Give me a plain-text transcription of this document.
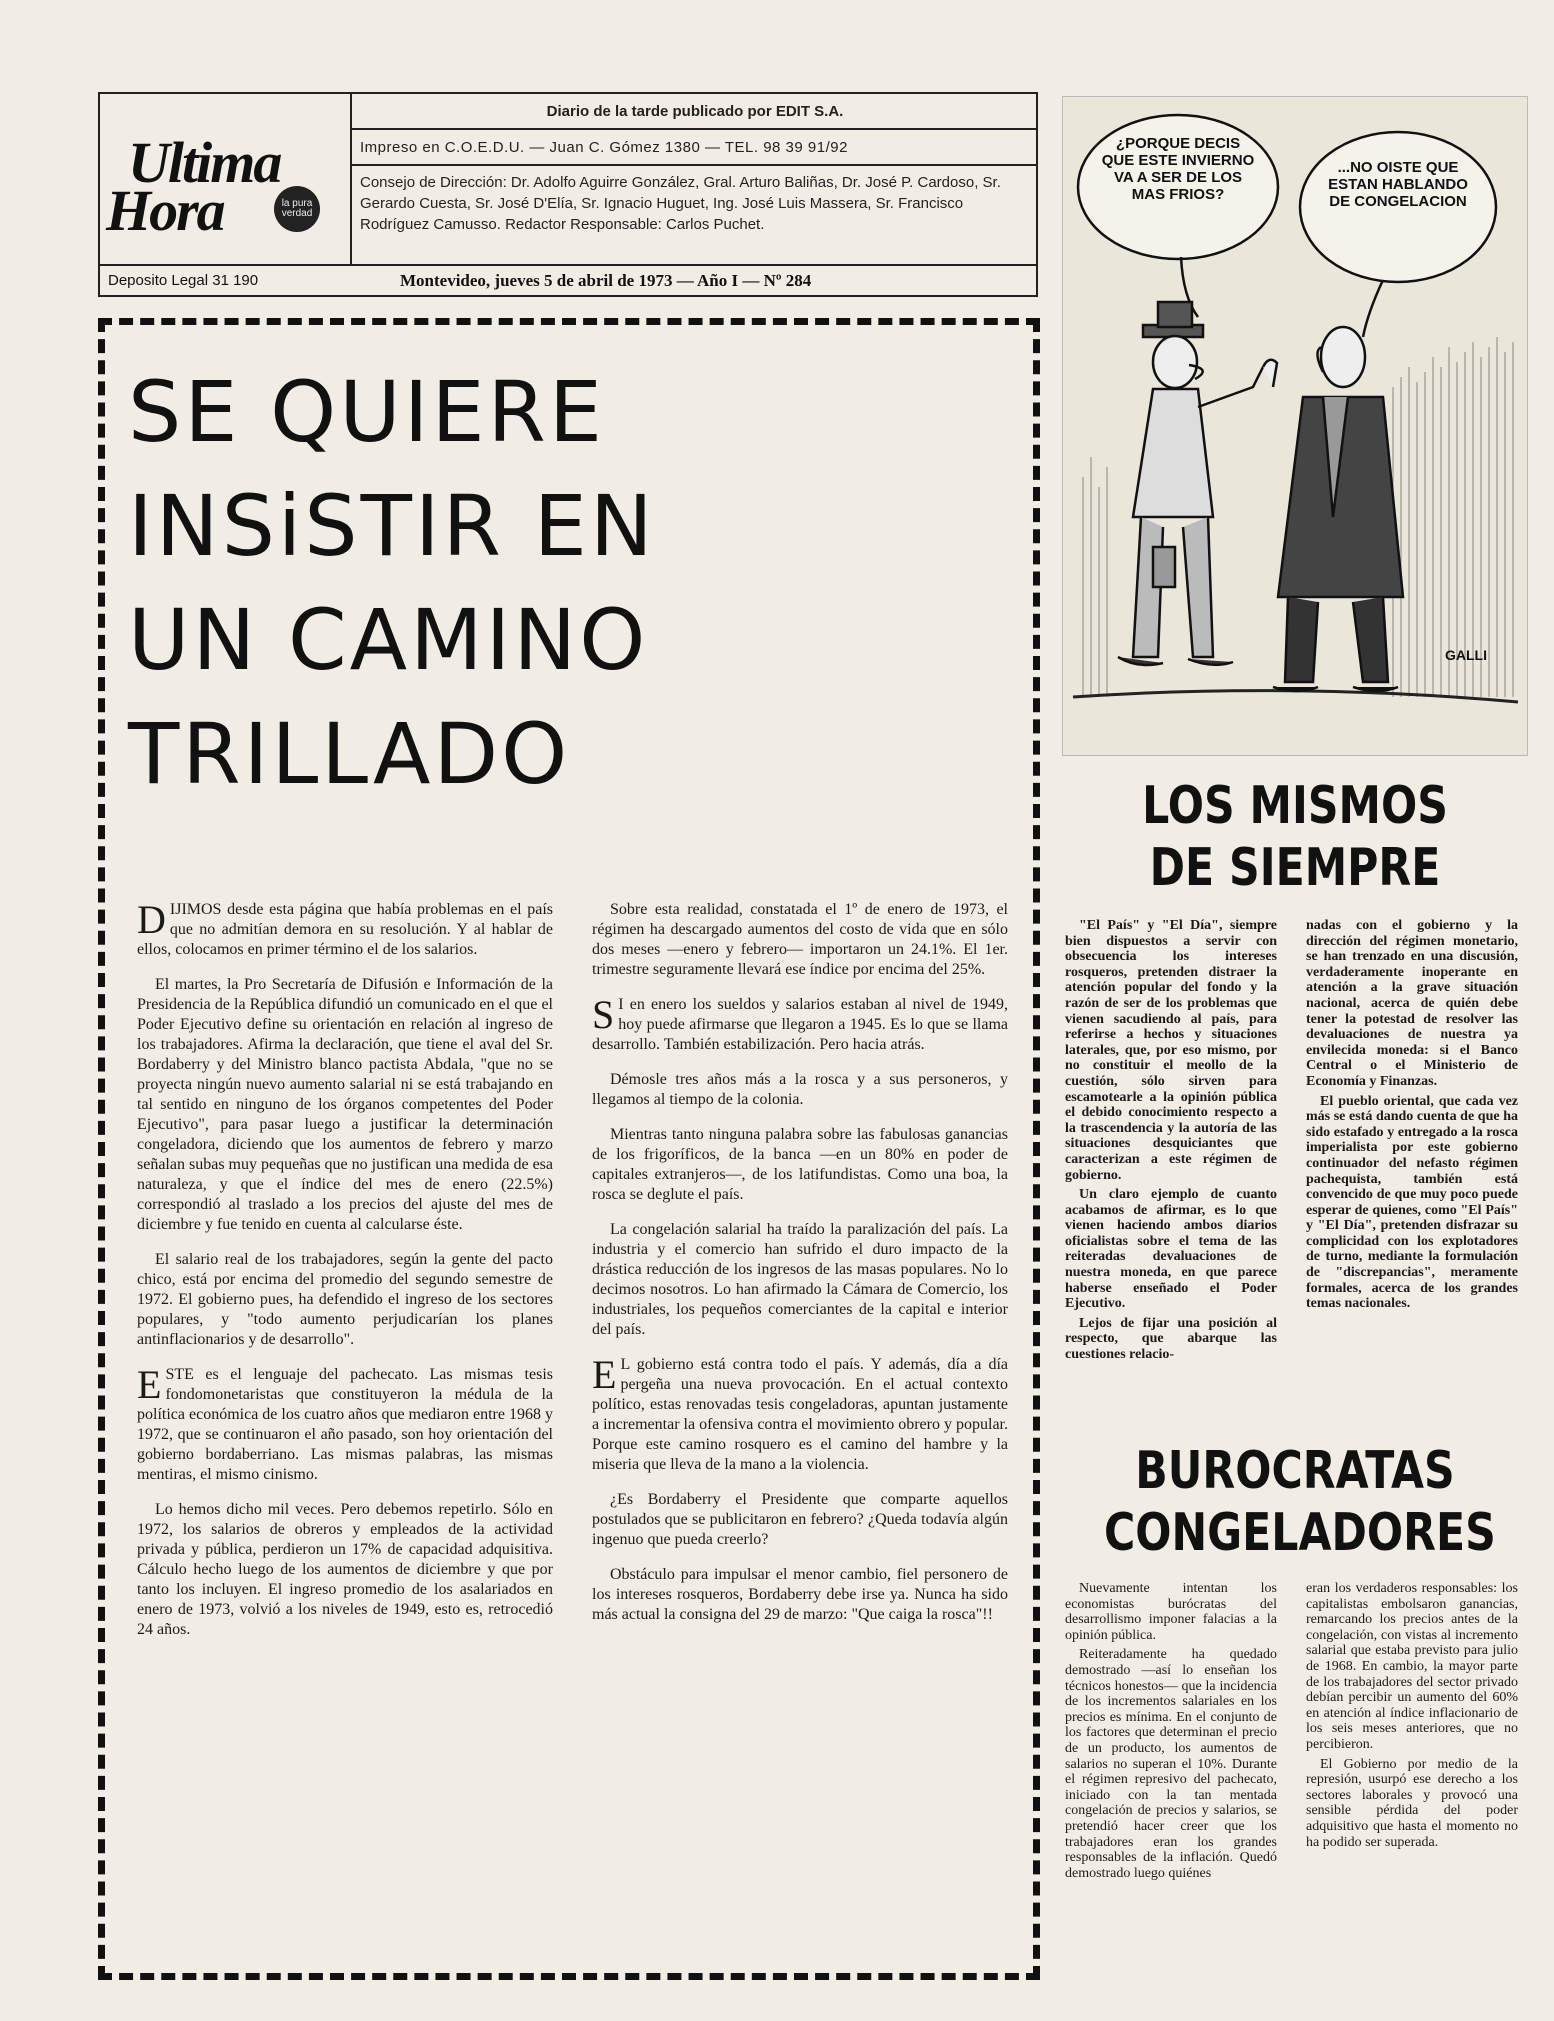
Ultima
Hora	la pura verdad
Diario de la tarde publicado por EDIT S.A.
Impreso en C.O.E.D.U. — Juan C. Gómez 1380 — TEL. 98 39 91/92
Consejo de Dirección: Dr. Adolfo Aguirre González, Gral. Arturo Baliñas, Dr. José P. Cardoso, Sr. Gerardo Cuesta, Sr. José D'Elía, Sr. Ignacio Huguet, Ing. José Luis Massera, Sr. Francisco Rodríguez Camusso. Redactor Responsable: Carlos Puchet.
Deposito Legal 31 190	Montevideo, jueves 5 de abril de 1973 — Año I — Nº 284
SE QUIERE
INSiSTIR EN
UN CAMINO
TRILLADO

DIJIMOS desde esta página que había problemas en el país que no admitían demora en su resolución. Y al hablar de ellos, colocamos en primer término el de los salarios.

El martes, la Pro Secretaría de Difusión e Información de la Presidencia de la República difundió un comunicado en el que el Poder Ejecutivo define su orientación en relación al ingreso de los trabajadores. Afirma la declaración, que tiene el aval del Sr. Bordaberry y del Ministro blanco pactista Abdala, "que no se proyecta ningún nuevo aumento salarial ni se está trabajando en tal sentido en ninguno de los órganos competentes del Poder Ejecutivo", para pasar luego a justificar la determinación congeladora, diciendo que los aumentos de febrero y marzo señalan subas muy pequeñas que no justifican una medida de esa naturaleza, y que el índice del mes de enero (22.5%) correspondió al traslado a los precios del ajuste del mes de diciembre y fue tenido en cuenta al calcularse éste.

El salario real de los trabajadores, según la gente del pacto chico, está por encima del promedio del segundo semestre de 1972. El gobierno pues, ha defendido el ingreso de los sectores populares, y "todo aumento perjudicarían los planes antinflacionarios y de desarrollo".

ESTE es el lenguaje del pachecato. Las mismas tesis fondomonetaristas que constituyeron la médula de la política económica de los cuatro años que mediaron entre 1968 y 1972, que se continuaron el año pasado, son hoy orientación del gobierno bordaberriano. Las mismas palabras, las mismas mentiras, el mismo cinismo.

Lo hemos dicho mil veces. Pero debemos repetirlo. Sólo en 1972, los salarios de obreros y empleados de la actividad privada y pública, perdieron un 17% de capacidad adquisitiva. Cálculo hecho luego de los aumentos de diciembre y que por tanto los incluyen. El ingreso promedio de los asalariados en enero de 1973, volvió a los niveles de 1949, esto es, retrocedió 24 años.

Sobre esta realidad, constatada el 1º de enero de 1973, el régimen ha descargado aumentos del costo de vida que en sólo dos meses —enero y febrero— importaron un 24.1%. El 1er. trimestre seguramente llevará ese índice por encima del 25%.

S I en enero los sueldos y salarios estaban al nivel de 1949, hoy puede afirmarse que llegaron a 1945. Es lo que se llama desarrollo. También estabilización. Pero hacia atrás.

Démosle tres años más a la rosca y a sus personeros, y llegamos al tiempo de la colonia.

Mientras tanto ninguna palabra sobre las fabulosas ganancias de los frigoríficos, de la banca —en un 80% en poder de capitales extranjeros—, de los latifundistas. Como una boa, la rosca se deglute el país.

La congelación salarial ha traído la paralización del país. La industria y el comercio han sufrido el duro impacto de la drástica reducción de los ingresos de las masas populares. No lo decimos nosotros. Lo han afirmado la Cámara de Comercio, los industriales, los pequeños comerciantes de la capital e interior del país.

E L gobierno está contra todo el país. Y además, día a día pergeña una nueva provocación. En el actual contexto político, estas renovadas tesis congeladoras, apuntan justamente a incrementar la ofensiva contra el movimiento obrero y popular. Porque este camino rosquero es el camino del hambre y la miseria que lleva de la mano a la violencia.

¿Es Bordaberry el Presidente que comparte aquellos postulados que se publicitaron en febrero? ¿Queda todavía algún ingenuo que pueda creerlo?

Obstáculo para impulsar el menor cambio, fiel personero de los intereses rosqueros, Bordaberry debe irse ya. Nunca ha sido más actual la consigna del 29 de marzo: "Que caiga la rosca"!!

GALLI
¿PORQUE DECIS QUE ESTE INVIERNO VA A SER DE LOS MAS FRIOS?
...NO OISTE QUE ESTAN HABLANDO DE CONGELACION
LOS MISMOS
DE SIEMPRE

"El País" y "El Día", siempre bien dispuestos a servir con obsecuencia los intereses rosqueros, pretenden distraer la atención popular del fondo y la razón de ser de los problemas que vienen sacudiendo al país, para referirse a hechos y situaciones laterales, que, por eso mismo, por no constituir el meollo de la cuestión, sólo sirven para escamotearle a la opinión pública el debido conocimiento respecto a la trascendencia y la autoría de las situaciones desquiciantes que caracterizan a este régimen de gobierno.

Un claro ejemplo de cuanto acabamos de afirmar, es lo que vienen haciendo ambos diarios oficialistas sobre el tema de las reiteradas devaluaciones de nuestra moneda, en que parece haberse enseñado el Poder Ejecutivo.

Lejos de fijar una posición al respecto, que abarque las cuestiones relacio-

nadas con el gobierno y la dirección del régimen monetario, se han trenzado en una discusión, verdaderamente inoperante en atención a la grave situación nacional, acerca de quién debe tener la potestad de resolver las devaluaciones de nuestra ya envilecida moneda: si el Banco Central o el Ministerio de Economía y Finanzas.

El pueblo oriental, que cada vez más se está dando cuenta de que ha sido estafado y entregado a la rosca imperialista por este gobierno continuador del nefasto régimen pachequista, también está convencido de que muy poco puede esperar de quienes, como "El País" y "El Día", pretenden disfrazar su complicidad con los explotadores de turno, mediante la formulación de "discrepancias", meramente formales, acerca de los grandes temas nacionales.

BUROCRATAS
CONGELADORES

Nuevamente intentan los economistas burócratas del desarrollismo imponer falacias a la opinión pública.

Reiteradamente ha quedado demostrado —así lo enseñan los técnicos honestos— que la incidencia de los incrementos salariales en los precios es mínima. En el conjunto de los factores que determinan el precio de un producto, los aumentos de salarios no superan el 10%. Durante el régimen represivo del pachecato, iniciado con la tan mentada congelación de precios y salarios, se pretendió hacer creer que los trabajadores eran los grandes responsables de la inflación. Quedó demostrado luego quiénes

eran los verdaderos responsables: los capitalistas embolsaron ganancias, remarcando los precios antes de la congelación, con vistas al incremento salarial que estaba previsto para julio de 1968. En cambio, la mayor parte de los trabajadores del sector privado debían percibir un aumento del 60% en atención al índice inflacionario de los seis meses anteriores, que no percibieron.

El Gobierno por medio de la represión, usurpó ese derecho a los sectores laborales y provocó una sensible pérdida del poder adquisitivo que hasta el momento no ha podido ser superada.
